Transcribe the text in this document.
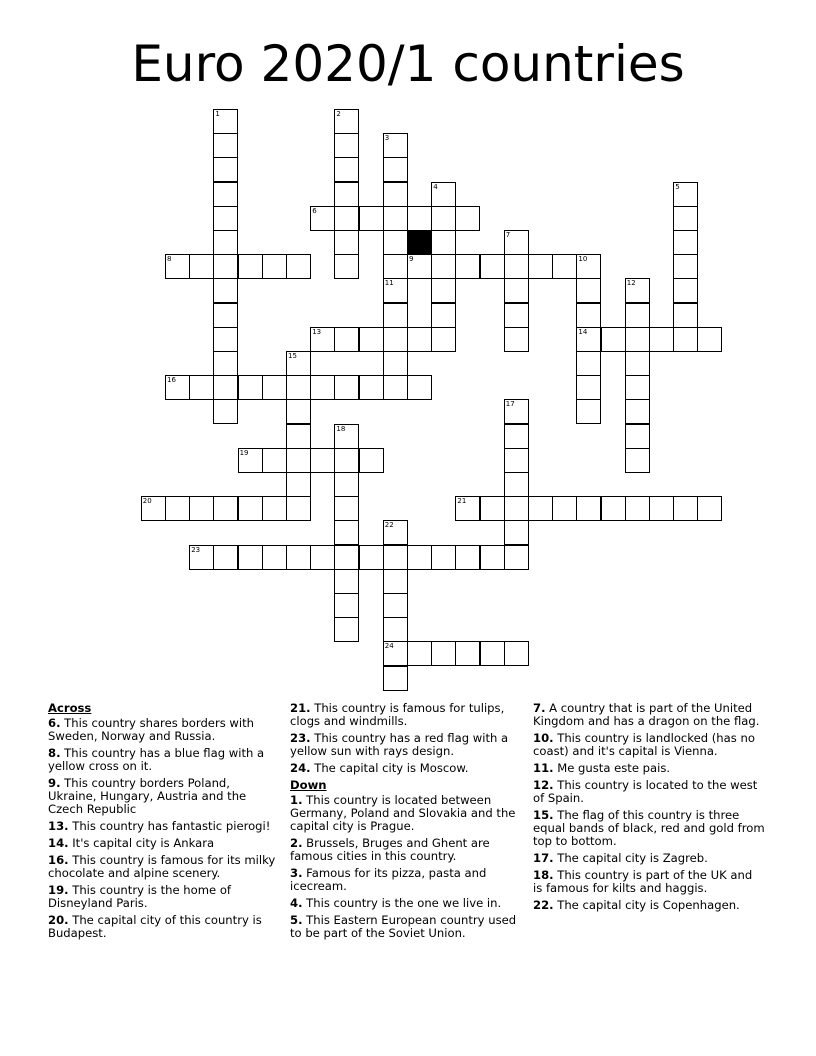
Euro 2020/1 countries
1	2
3
11
4	5
6
7
8	9	10
14
12
13
15
16
17
18
19
20	21
22
24
23
Across
6. This country shares borders with Sweden, Norway and Russia.
8. This country has a blue flag with a yellow cross on it.
9. This country borders Poland, Ukraine, Hungary, Austria and the Czech Republic
13. This country has fantastic pierogi!
14. It's capital city is Ankara
16. This country is famous for its milky chocolate and alpine scenery.
19. This country is the home of Disneyland Paris.
20. The capital city of this country is Budapest.
21. This country is famous for tulips, clogs and windmills.
23. This country has a red flag with a yellow sun with rays design.
24. The capital city is Moscow.
Down
1. This country is located between Germany, Poland and Slovakia and the capital city is Prague.
2. Brussels, Bruges and Ghent are famous cities in this country.
3. Famous for its pizza, pasta and icecream.
4. This country is the one we live in.
5. This Eastern European country used to be part of the Soviet Union.
7. A country that is part of the United Kingdom and has a dragon on the flag.
10. This country is landlocked (has no coast) and it's capital is Vienna.
11. Me gusta este pais.
12. This country is located to the west of Spain.
15. The flag of this country is three equal bands of black, red and gold from top to bottom.
17. The capital city is Zagreb.
18. This country is part of the UK and is famous for kilts and haggis.
22. The capital city is Copenhagen.
